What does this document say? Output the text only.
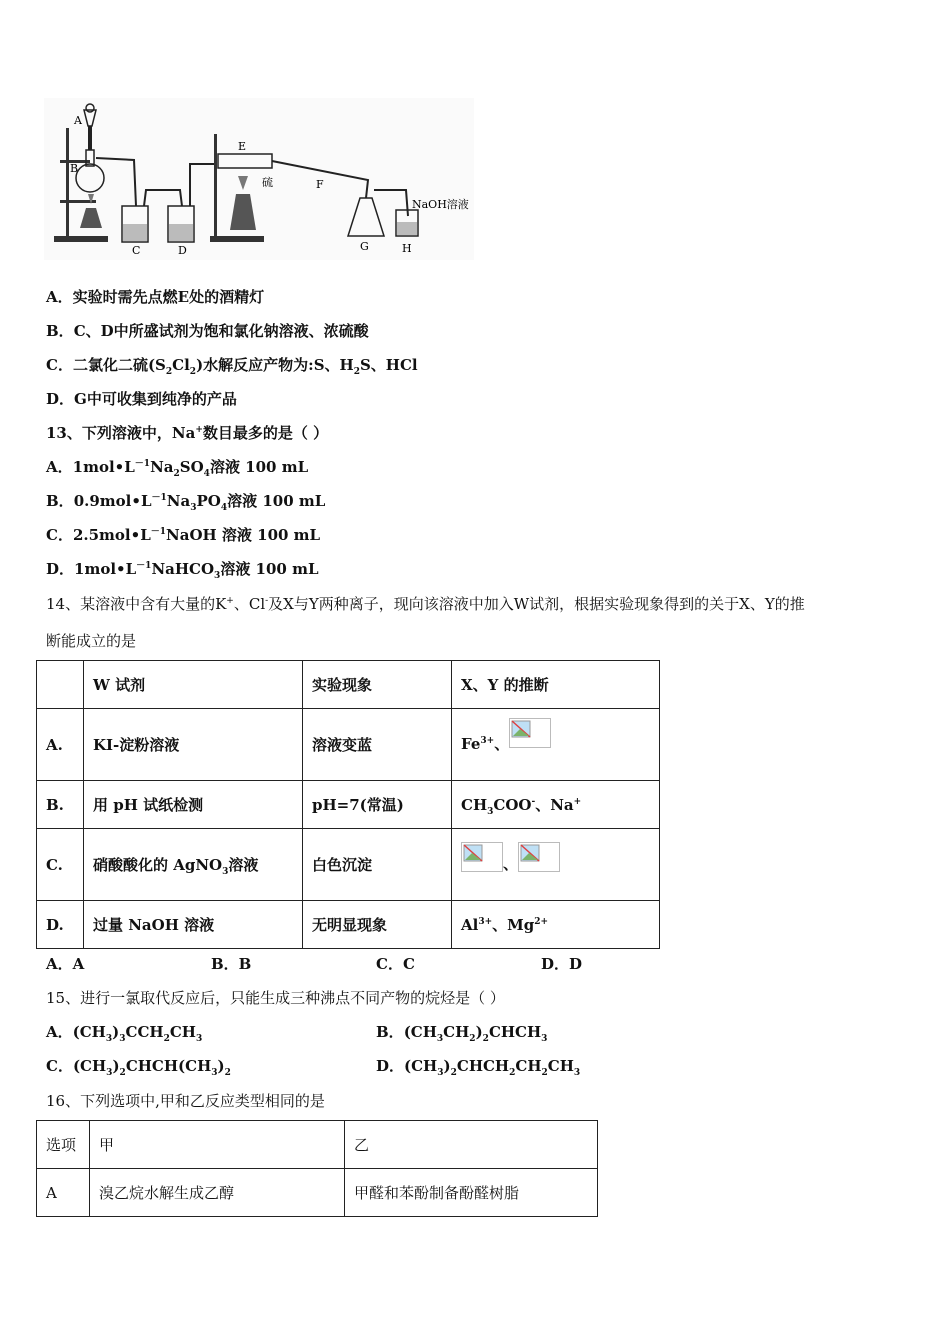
A
B
C	D
E
F
G	H
硫
NaOH溶液
A．实验时需先点燃E处的酒精灯
B．C、D中所盛试剂为饱和氯化钠溶液、浓硫酸
C．二氯化二硫$(S_2Cl_2)$水解反应产物为:S、$H_2S$、HCl
D．G中可收集到纯净的产品
13、下列溶液中，Na+数目最多的是（ ）
A．$1mol•L^{-1}Na_2SO_4$溶液 100 mL
B．$0.9mol•L^{-1}Na_3PO_4$溶液 100 mL
C．$2.5mol•L^{-1}NaOH$ 溶液 100 mL
D．$1mol•L^{-1}NaHCO_3$溶液 100 mL
14、某溶液中含有大量的K+、Cl-及X与Y两种离子，现向该溶液中加入W试剂，根据实验现象得到的关于X、Y的推
断能成立的是
	W 试剂	实验现象	X、Y 的推断
A.	KI-淀粉溶液	溶液变蓝	$Fe^{3+}$、
B.	用 pH 试纸检测	pH=7(常温)	$CH_3COO^-$、Na+
C.	硝酸酸化的 AgNO$_3$溶液	白色沉淀	、
D.	过量 NaOH 溶液	无明显现象	$Al^{3+}$、$Mg^{2+}$
A．A	B．B	C．C	D．D
15、进行一氯取代反应后，只能生成三种沸点不同产物的烷烃是（ ）
A．$(CH_3)_3CCH_2CH_3$	B．$(CH_3CH_2)_2CHCH_3$
C．$(CH_3)_2CHCH(CH_3)_2$	D．$(CH_3)_2CHCH_2CH_2CH_3$
16、下列选项中,甲和乙反应类型相同的是
选项	甲	乙
A	溴乙烷水解生成乙醇	甲醛和苯酚制备酚醛树脂
